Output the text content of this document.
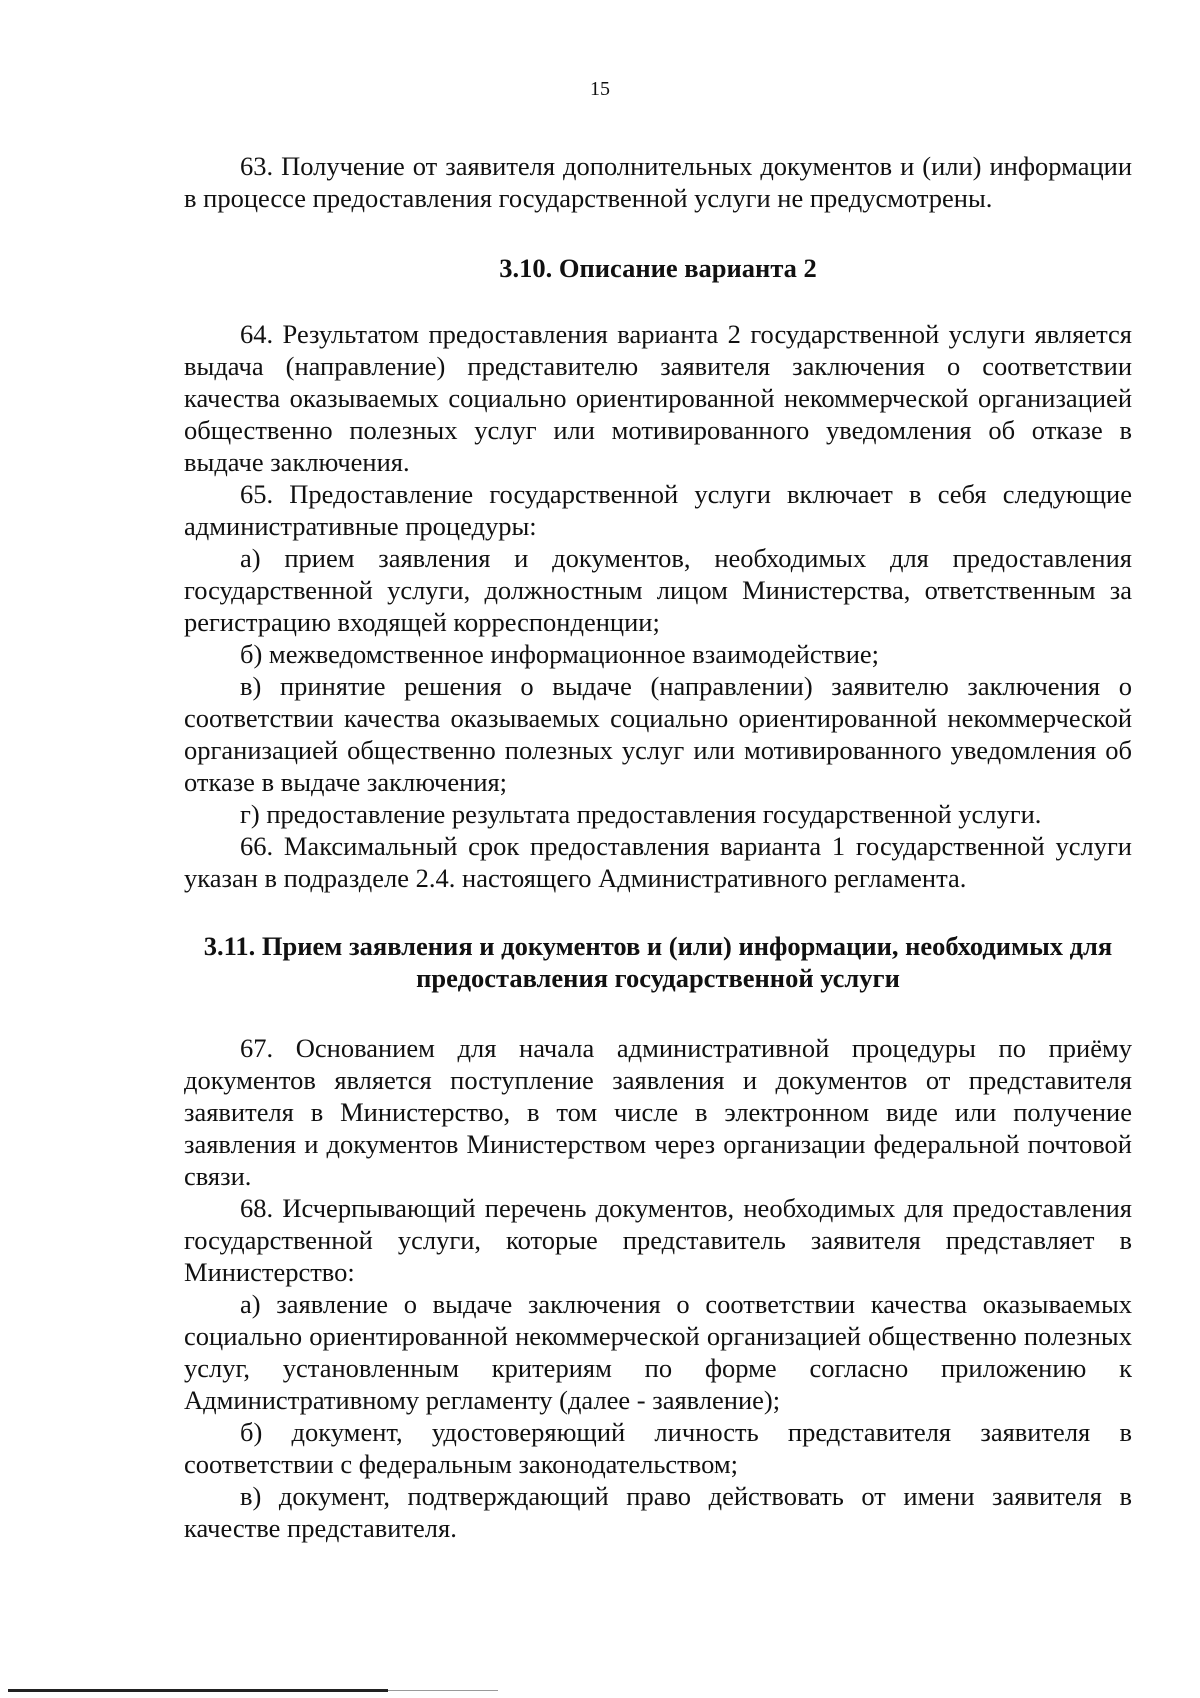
15

63. Получение от заявителя дополнительных документов и (или) информации в процессе предоставления государственной услуги не предусмотрены.

3.10. Описание варианта 2

64. Результатом предоставления варианта 2 государственной услуги является выдача (направление) представителю заявителя заключения о соответствии качества оказываемых социально ориентированной некоммерческой организацией общественно полезных услуг или мотивированного уведомления об отказе в выдаче заключения.

65. Предоставление государственной услуги включает в себя следующие административные процедуры:

а) прием заявления и документов, необходимых для предоставления государственной услуги, должностным лицом Министерства, ответственным за регистрацию входящей корреспонденции;

б) межведомственное информационное взаимодействие;

в) принятие решения о выдаче (направлении) заявителю заключения о соответствии качества оказываемых социально ориентированной некоммерческой организацией общественно полезных услуг или мотивированного уведомления об отказе в выдаче заключения;

г) предоставление результата предоставления государственной услуги.

66. Максимальный срок предоставления варианта 1 государственной услуги указан в подразделе 2.4. настоящего Административного регламента.

3.11. Прием заявления и документов и (или) информации, необходимых для предоставления государственной услуги

67. Основанием для начала административной процедуры по приёму документов является поступление заявления и документов от представителя заявителя в Министерство, в том числе в электронном виде или получение заявления и документов Министерством через организации федеральной почтовой связи.

68. Исчерпывающий перечень документов, необходимых для предоставления государственной услуги, которые представитель заявителя представляет в Министерство:

а) заявление о выдаче заключения о соответствии качества оказываемых социально ориентированной некоммерческой организацией общественно полезных услуг, установленным критериям по форме согласно приложению к Административному регламенту (далее - заявление);

б) документ, удостоверяющий личность представителя заявителя в соответствии с федеральным законодательством;

в) документ, подтверждающий право действовать от имени заявителя в качестве представителя.
